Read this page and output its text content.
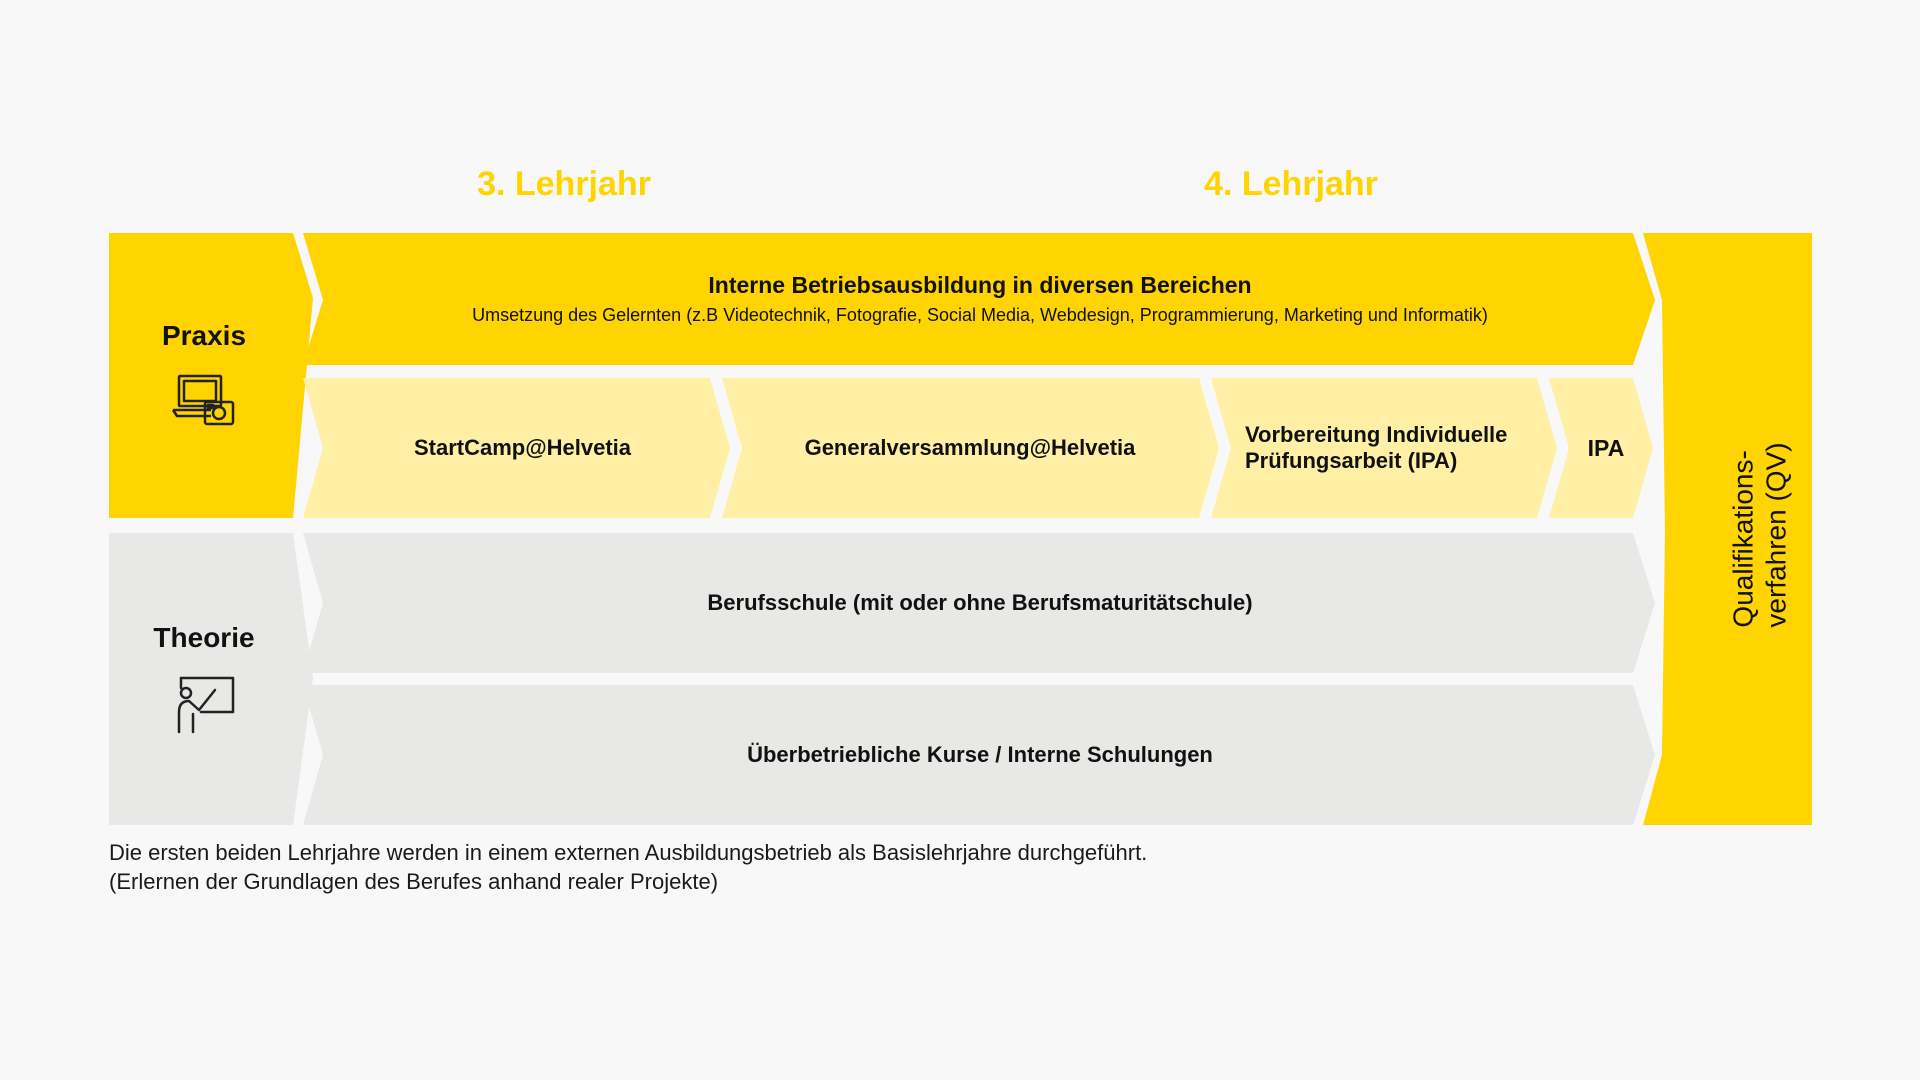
3. Lehrjahr	4. Lehrjahr
Praxis
Theorie
Interne Betriebsausbildung in diversen Bereichen
Umsetzung des Gelernten (z.B Videotechnik, Fotografie, Social Media, Webdesign, Programmierung, Marketing und Informatik)
StartCamp@Helvetia	Generalversammlung@Helvetia
Vorbereitung Individuelle Prüfungsarbeit (IPA)	IPA
Berufsschule (mit oder ohne Berufsmaturitätschule)
Überbetriebliche Kurse / Interne Schulungen
Qualifikations- verfahren (QV)
Die ersten beiden Lehrjahre werden in einem externen Ausbildungsbetrieb als Basislehrjahre durchgeführt.
(Erlernen der Grundlagen des Berufes anhand realer Projekte)
